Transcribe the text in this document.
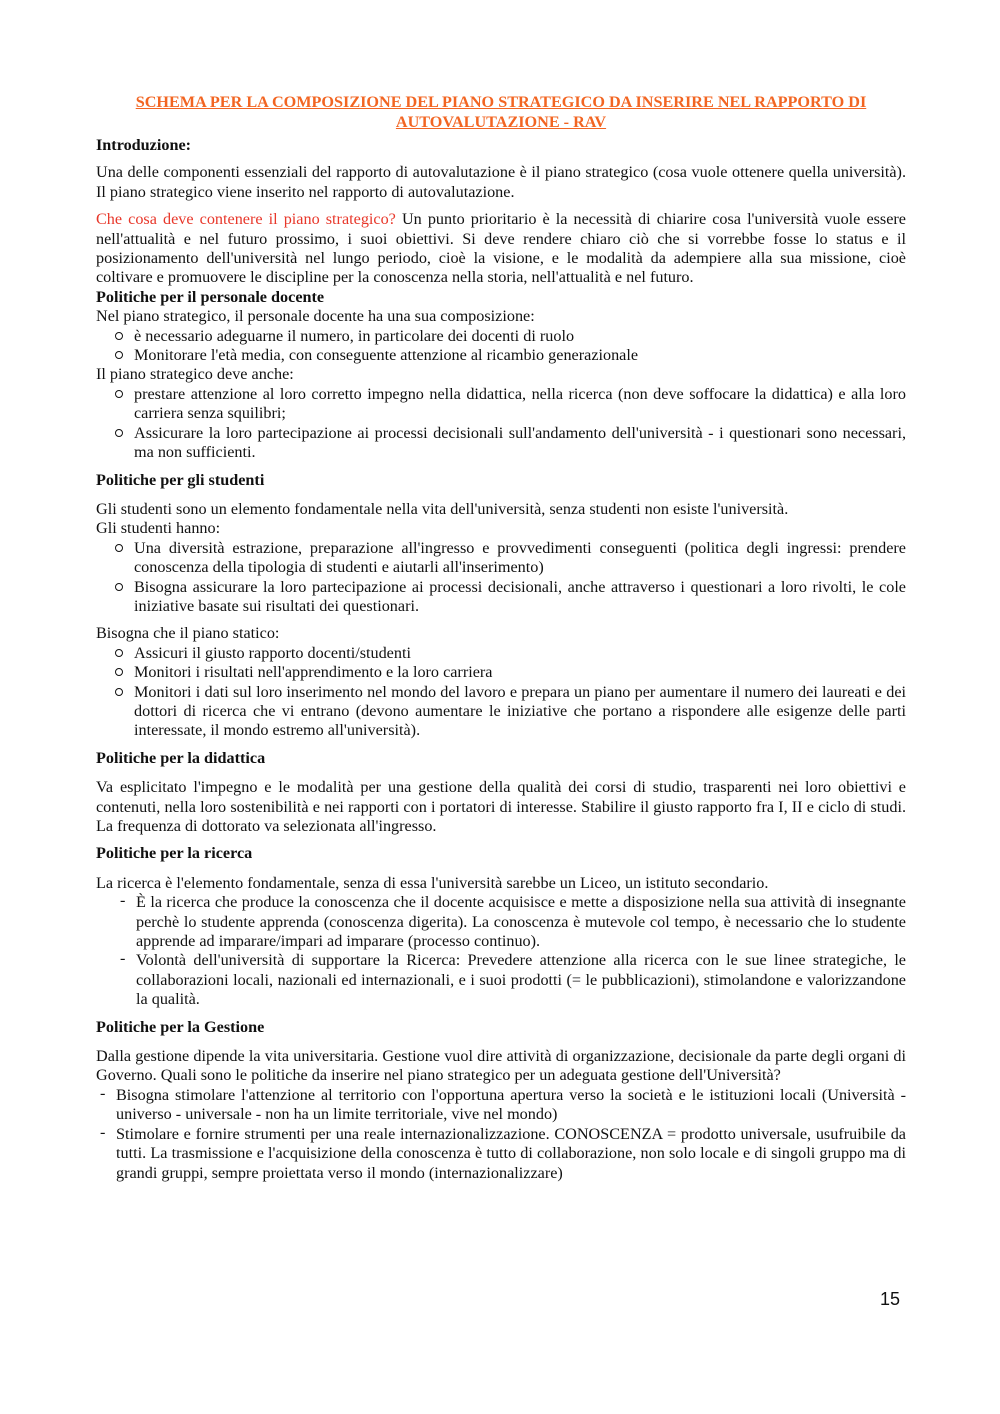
SCHEMA PER LA COMPOSIZIONE DEL PIANO STRATEGICO DA INSERIRE NEL RAPPORTO DI AUTOVALUTAZIONE - RAV
Introduzione:

Una delle componenti essenziali del rapporto di autovalutazione è il piano strategico (cosa vuole ottenere quella università). Il piano strategico viene inserito nel rapporto di autovalutazione.

Che cosa deve contenere il piano strategico? Un punto prioritario è la necessità di chiarire cosa l'università vuole essere nell'attualità e nel futuro prossimo, i suoi obiettivi. Si deve rendere chiaro ciò che si vorrebbe fosse lo status e il posizionamento dell'università nel lungo periodo, cioè la visione, e le modalità da adempiere alla sua missione, cioè coltivare e promuovere le discipline per la conoscenza nella storia, nell'attualità e nel futuro.

Politiche per il personale docente

Nel piano strategico, il personale docente ha una sua composizione:

è necessario adeguarne il numero, in particolare dei docenti di ruolo
Monitorare l'età media, con conseguente attenzione al ricambio generazionale

Il piano strategico deve anche:

prestare attenzione al loro corretto impegno nella didattica, nella ricerca (non deve soffocare la didattica) e alla loro carriera senza squilibri;
Assicurare la loro partecipazione ai processi decisionali sull'andamento dell'università - i questionari sono necessari, ma non sufficienti.
Politiche per gli studenti

Gli studenti sono un elemento fondamentale nella vita dell'università, senza studenti non esiste l'università.

Gli studenti hanno:

Una diversità estrazione, preparazione all'ingresso e provvedimenti conseguenti (politica degli ingressi: prendere conoscenza della tipologia di studenti e aiutarli all'inserimento)
Bisogna assicurare la loro partecipazione ai processi decisionali, anche attraverso i questionari a loro rivolti, le cole iniziative basate sui risultati dei questionari.

Bisogna che il piano statico:

Assicuri il giusto rapporto docenti/studenti
Monitori i risultati nell'apprendimento e la loro carriera
Monitori i dati sul loro inserimento nel mondo del lavoro e prepara un piano per aumentare il numero dei laureati e dei dottori di ricerca che vi entrano (devono aumentare le iniziative che portano a rispondere alle esigenze delle parti interessate, il mondo estremo all'università).
Politiche per la didattica

Va esplicitato l'impegno e le modalità per una gestione della qualità dei corsi di studio, trasparenti nei loro obiettivi e contenuti, nella loro sostenibilità e nei rapporti con i portatori di interesse. Stabilire il giusto rapporto fra I, II e ciclo di studi. La frequenza di dottorato va selezionata all'ingresso.

Politiche per la ricerca

La ricerca è l'elemento fondamentale, senza di essa l'università sarebbe un Liceo, un istituto secondario.

- È la ricerca che produce la conoscenza che il docente acquisisce e mette a disposizione nella sua attività di insegnante perchè lo studente apprenda (conoscenza digerita). La conoscenza è mutevole col tempo, è necessario che lo studente apprende ad imparare/impari ad imparare (processo continuo).
- Volontà dell'università di supportare la Ricerca: Prevedere attenzione alla ricerca con le sue linee strategiche, le collaborazioni locali, nazionali ed internazionali, e i suoi prodotti (= le pubblicazioni), stimolandone e valorizzandone la qualità.
Politiche per la Gestione

Dalla gestione dipende la vita universitaria. Gestione vuol dire attività di organizzazione, decisionale da parte degli organi di Governo. Quali sono le politiche da inserire nel piano strategico per un adeguata gestione dell'Università?

- Bisogna stimolare l'attenzione al territorio con l'opportuna apertura verso la società e le istituzioni locali (Università - universo - universale - non ha un limite territoriale, vive nel mondo)
- Stimolare e fornire strumenti per una reale internazionalizzazione. CONOSCENZA = prodotto universale, usufruibile da tutti. La trasmissione e l'acquisizione della conoscenza è tutto di collaborazione, non solo locale e di singoli gruppo ma di grandi gruppi, sempre proiettata verso il mondo (internazionalizzare)
15
